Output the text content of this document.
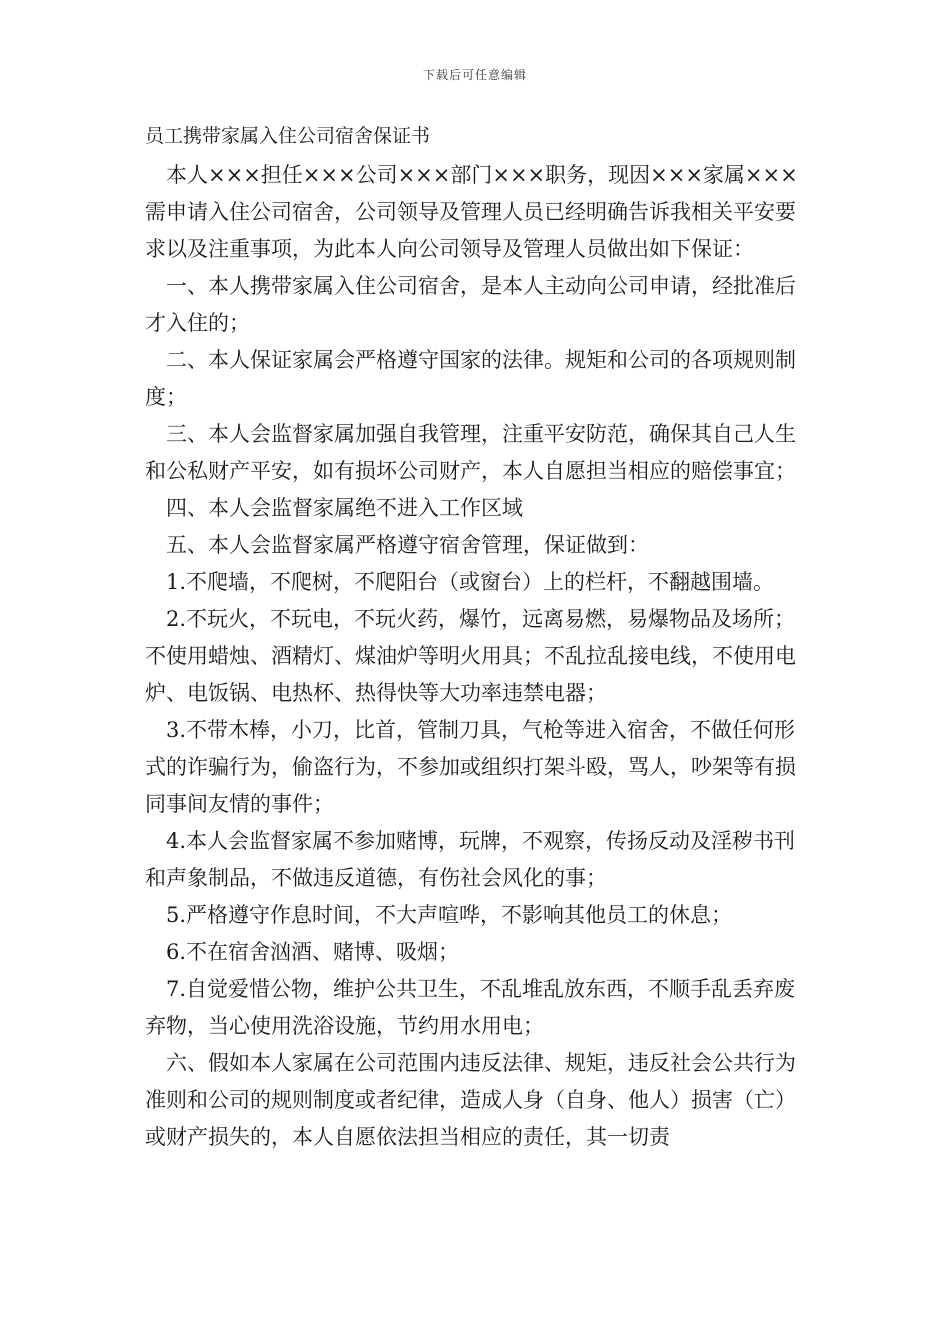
下载后可任意编辑

员工携带家属入住公司宿舍保证书

本人×××担任×××公司×××部门×××职务，现因×××家属×××需申请入住公司宿舍，公司领导及管理人员已经明确告诉我相关平安要求以及注重事项，为此本人向公司领导及管理人员做出如下保证：

一、本人携带家属入住公司宿舍，是本人主动向公司申请，经批准后才入住的；

二、本人保证家属会严格遵守国家的法律。规矩和公司的各项规则制度；

三、本人会监督家属加强自我管理，注重平安防范，确保其自己人生和公私财产平安，如有损坏公司财产，本人自愿担当相应的赔偿事宜；

四、本人会监督家属绝不进入工作区域

五、本人会监督家属严格遵守宿舍管理，保证做到：

1.不爬墙，不爬树，不爬阳台（或窗台）上的栏杆，不翻越围墙。

2.不玩火，不玩电，不玩火药，爆竹，远离易燃，易爆物品及场所；不使用蜡烛、酒精灯、煤油炉等明火用具；不乱拉乱接电线，不使用电炉、电饭锅、电热杯、热得快等大功率违禁电器；

3.不带木棒，小刀，比首，管制刀具，气枪等进入宿舍，不做任何形式的诈骗行为，偷盗行为，不参加或组织打架斗殴，骂人，吵架等有损同事间友情的事件；

4.本人会监督家属不参加赌博，玩牌，不观察，传扬反动及淫秽书刊和声象制品，不做违反道德，有伤社会风化的事；

5.严格遵守作息时间，不大声喧哗，不影响其他员工的休息；

6.不在宿舍汹酒、赌博、吸烟；

7.自觉爱惜公物，维护公共卫生，不乱堆乱放东西，不顺手乱丢弃废弃物，当心使用洗浴设施，节约用水用电；

六、假如本人家属在公司范围内违反法律、规矩，违反社会公共行为准则和公司的规则制度或者纪律，造成人身（自身、他人）损害（亡）或财产损失的，本人自愿依法担当相应的责任，其一切责
